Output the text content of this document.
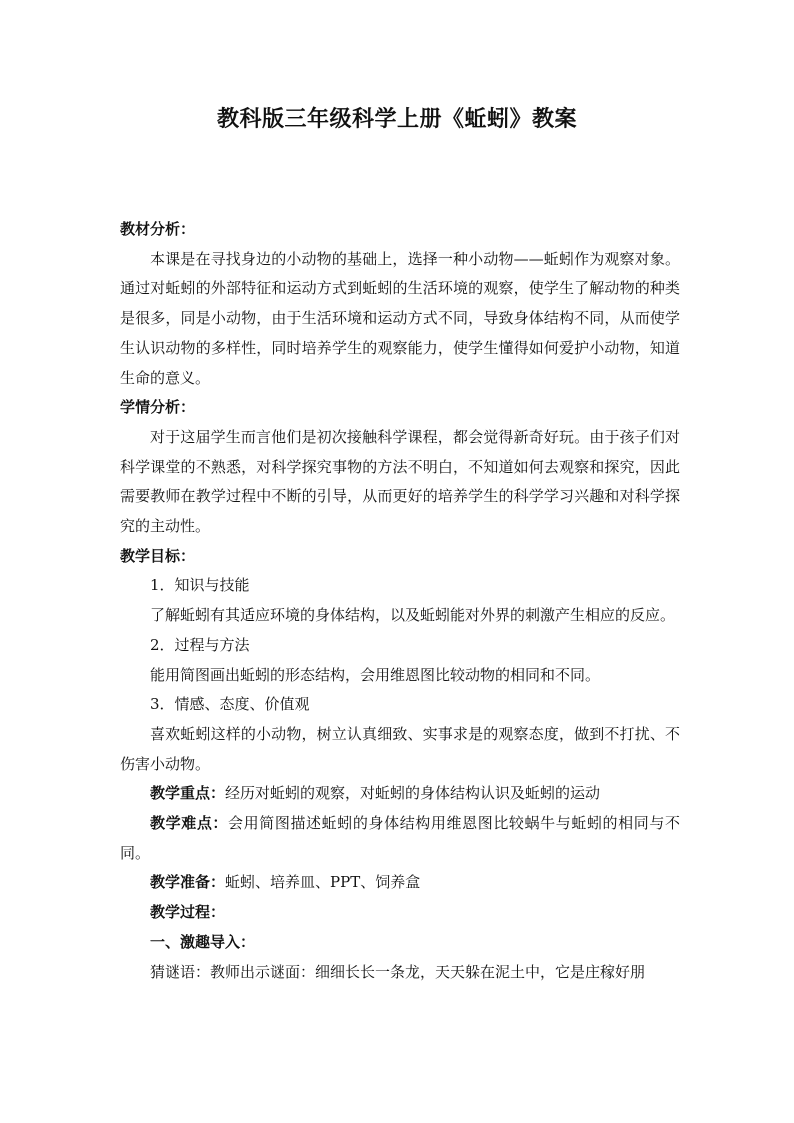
教科版三年级科学上册《蚯蚓》教案

教材分析：

本课是在寻找身边的小动物的基础上，选择一种小动物——蚯蚓作为观察对象。通过对蚯蚓的外部特征和运动方式到蚯蚓的生活环境的观察，使学生了解动物的种类是很多，同是小动物，由于生活环境和运动方式不同，导致身体结构不同，从而使学生认识动物的多样性，同时培养学生的观察能力，使学生懂得如何爱护小动物，知道生命的意义。

学情分析：

对于这届学生而言他们是初次接触科学课程，都会觉得新奇好玩。由于孩子们对科学课堂的不熟悉，对科学探究事物的方法不明白，不知道如何去观察和探究，因此需要教师在教学过程中不断的引导，从而更好的培养学生的科学学习兴趣和对科学探究的主动性。

教学目标：

1．知识与技能

了解蚯蚓有其适应环境的身体结构，以及蚯蚓能对外界的刺激产生相应的反应。

2．过程与方法

能用简图画出蚯蚓的形态结构，会用维恩图比较动物的相同和不同。

3．情感、态度、价值观

喜欢蚯蚓这样的小动物，树立认真细致、实事求是的观察态度，做到不打扰、不伤害小动物。

教学重点：经历对蚯蚓的观察，对蚯蚓的身体结构认识及蚯蚓的运动

教学难点：会用简图描述蚯蚓的身体结构用维恩图比较蜗牛与蚯蚓的相同与不同。

教学准备：蚯蚓、培养皿、PPT、饲养盒

教学过程：

一、激趣导入：

猜谜语：教师出示谜面：细细长长一条龙，天天躲在泥土中，它是庄稼好朋
